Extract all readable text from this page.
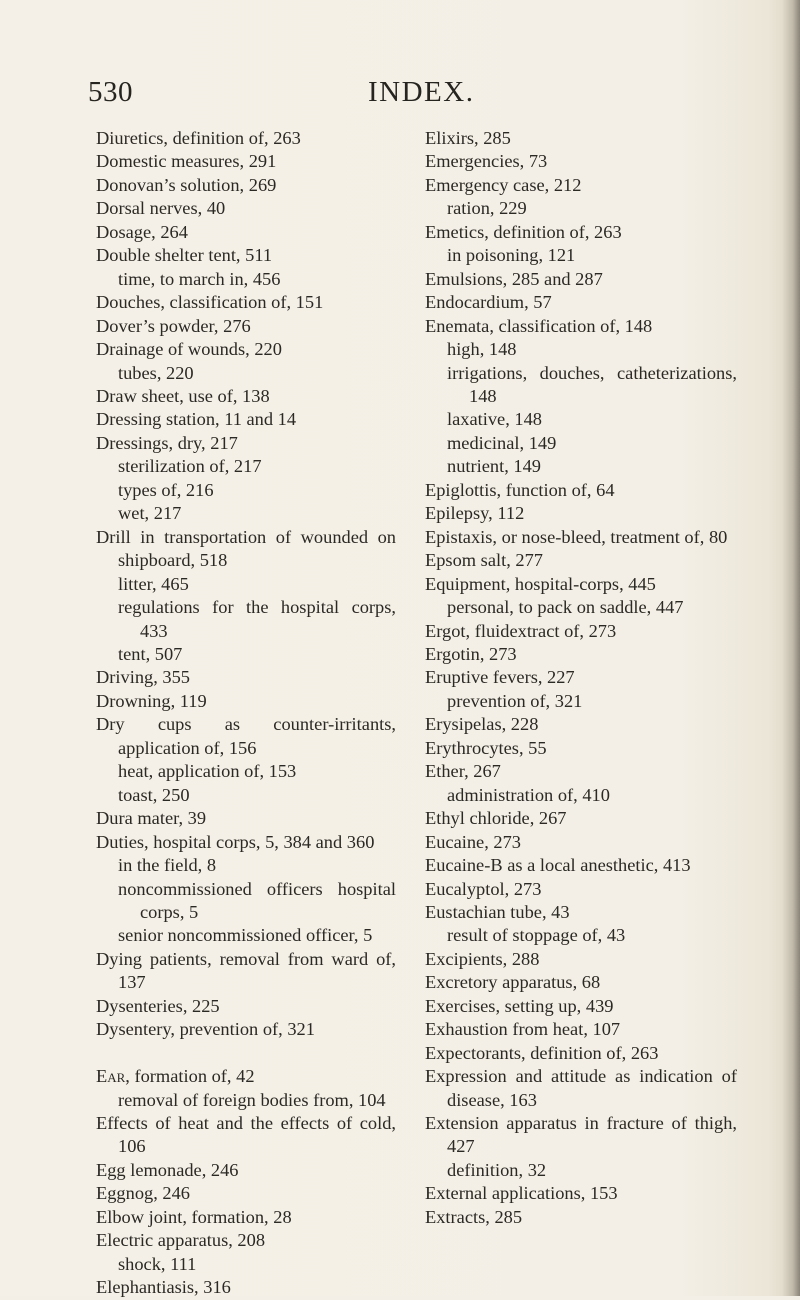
530	INDEX.

Diuretics, definition of, 263

Domestic measures, 291

Donovan’s solution, 269

Dorsal nerves, 40

Dosage, 264

Double shelter tent, 511

time, to march in, 456

Douches, classification of, 151

Dover’s powder, 276

Drainage of wounds, 220

tubes, 220

Draw sheet, use of, 138

Dressing station, 11 and 14

Dressings, dry, 217

sterilization of, 217

types of, 216

wet, 217

Drill in transportation of wounded on shipboard, 518

litter, 465

regulations for the hospital corps, 433

tent, 507

Driving, 355

Drowning, 119

Dry cups as counter-irritants, application of, 156

heat, application of, 153

toast, 250

Dura mater, 39

Duties, hospital corps, 5, 384 and 360

in the field, 8

noncommissioned officers hospital corps, 5

senior noncommissioned officer, 5

Dying patients, removal from ward of, 137

Dysenteries, 225

Dysentery, prevention of, 321

Ear, formation of, 42

removal of foreign bodies from, 104

Effects of heat and the effects of cold, 106

Egg lemonade, 246

Eggnog, 246

Elbow joint, formation, 28

Electric apparatus, 208

shock, 111

Elephantiasis, 316

Elixirs, 285

Emergencies, 73

Emergency case, 212

ration, 229

Emetics, definition of, 263

in poisoning, 121

Emulsions, 285 and 287

Endocardium, 57

Enemata, classification of, 148

high, 148

irrigations, douches, catheterizations, 148

laxative, 148

medicinal, 149

nutrient, 149

Epiglottis, function of, 64

Epilepsy, 112

Epistaxis, or nose-bleed, treatment of, 80

Epsom salt, 277

Equipment, hospital-corps, 445

personal, to pack on saddle, 447

Ergot, fluidextract of, 273

Ergotin, 273

Eruptive fevers, 227

prevention of, 321

Erysipelas, 228

Erythrocytes, 55

Ether, 267

administration of, 410

Ethyl chloride, 267

Eucaine, 273

Eucaine-B as a local anesthetic, 413

Eucalyptol, 273

Eustachian tube, 43

result of stoppage of, 43

Excipients, 288

Excretory apparatus, 68

Exercises, setting up, 439

Exhaustion from heat, 107

Expectorants, definition of, 263

Expression and attitude as indication of disease, 163

Extension apparatus in fracture of thigh, 427

definition, 32

External applications, 153

Extracts, 285
